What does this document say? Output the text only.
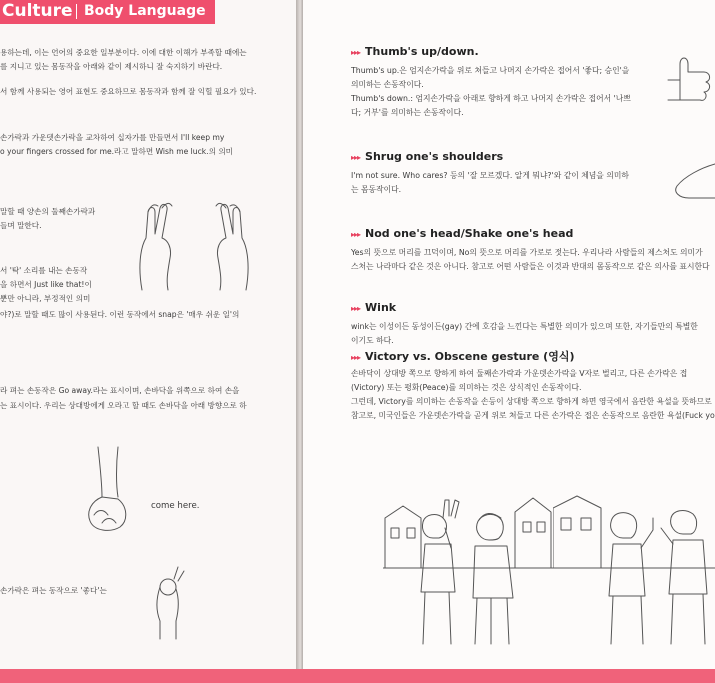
Culture Body Language
용하는데, 이는 언어의 중요한 일부분이다. 이에 대한 이해가 부족할 때에는
를 지니고 있는 몸동작을 아래와 같이 제시하니 잘 숙지하기 바란다.
서 함께 사용되는 영어 표현도 중요하므로 몸동작과 함께 잘 익힐 필요가 있다.
손가락과 가운뎃손가락을 교차하여 십자가를 만들면서 I'll keep my
o your fingers crossed for me.라고 말하면 Wish me luck.의 의미
말할 때 양손의 둘째손가락과
들며 말한다.
서 '탁' 소리를 내는 손동작
을 하면서 Just like that!이
뿐만 아니라, 부정적인 의미
야?)로 말할 때도 많이 사용된다. 이런 동작에서 snap은 '매우 쉬운 일'의
라 펴는 손동작은 Go away.라는 표시이며, 손바닥을 위쪽으로 하여 손을
는 표시이다. 우리는 상대방에게 오라고 할 때도 손바닥을 아래 방향으로 하
come here.
손가락은 펴는 동작으로 '좋다'는
▸▸▸ Thumb's up/down.
Thumb's up.은 엄지손가락을 위로 쳐들고 나머지 손가락은 접어서 '좋다; 승인'을
의미하는 손동작이다.
Thumb's down.: 엄지손가락을 아래로 향하게 하고 나머지 손가락은 접어서 '나쁘
다; 거부'를 의미하는 손동작이다.
▸▸▸ Shrug one's shoulders
I'm not sure. Who cares? 등의 '잘 모르겠다. 알게 뭐냐?'와 같이 체념을 의미하
는 몸동작이다.
▸▸▸ Nod one's head/Shake one's head
Yes의 뜻으로 머리를 끄덕이며, No의 뜻으로 머리를 가로로 젓는다. 우리나라 사람들의 제스처도 의미가
스처는 나라마다 같은 것은 아니다. 참고로 어떤 사람들은 이것과 반대의 몸동작으로 같은 의사를 표시한다
▸▸▸ Wink
wink는 이성이든 동성이든(gay) 간에 호감을 느낀다는 특별한 의미가 있으며 또한, 자기들만의 특별한
이기도 하다.
▸▸▸ Victory vs. Obscene gesture (영식)
손바닥이 상대방 쪽으로 향하게 하여 둘째손가락과 가운뎃손가락을 V자로 벌리고, 다른 손가락은 접
(Victory) 또는 평화(Peace)를 의미하는 것은 상식적인 손동작이다.
그런데, Victory를 의미하는 손동작을 손등이 상대방 쪽으로 향하게 하면 영국에서 음란한 욕설을 뜻하므로
참고로, 미국인들은 가운뎃손가락을 곧게 위로 쳐들고 다른 손가락은 접은 손동작으로 음란한 욕설(Fuck yo
